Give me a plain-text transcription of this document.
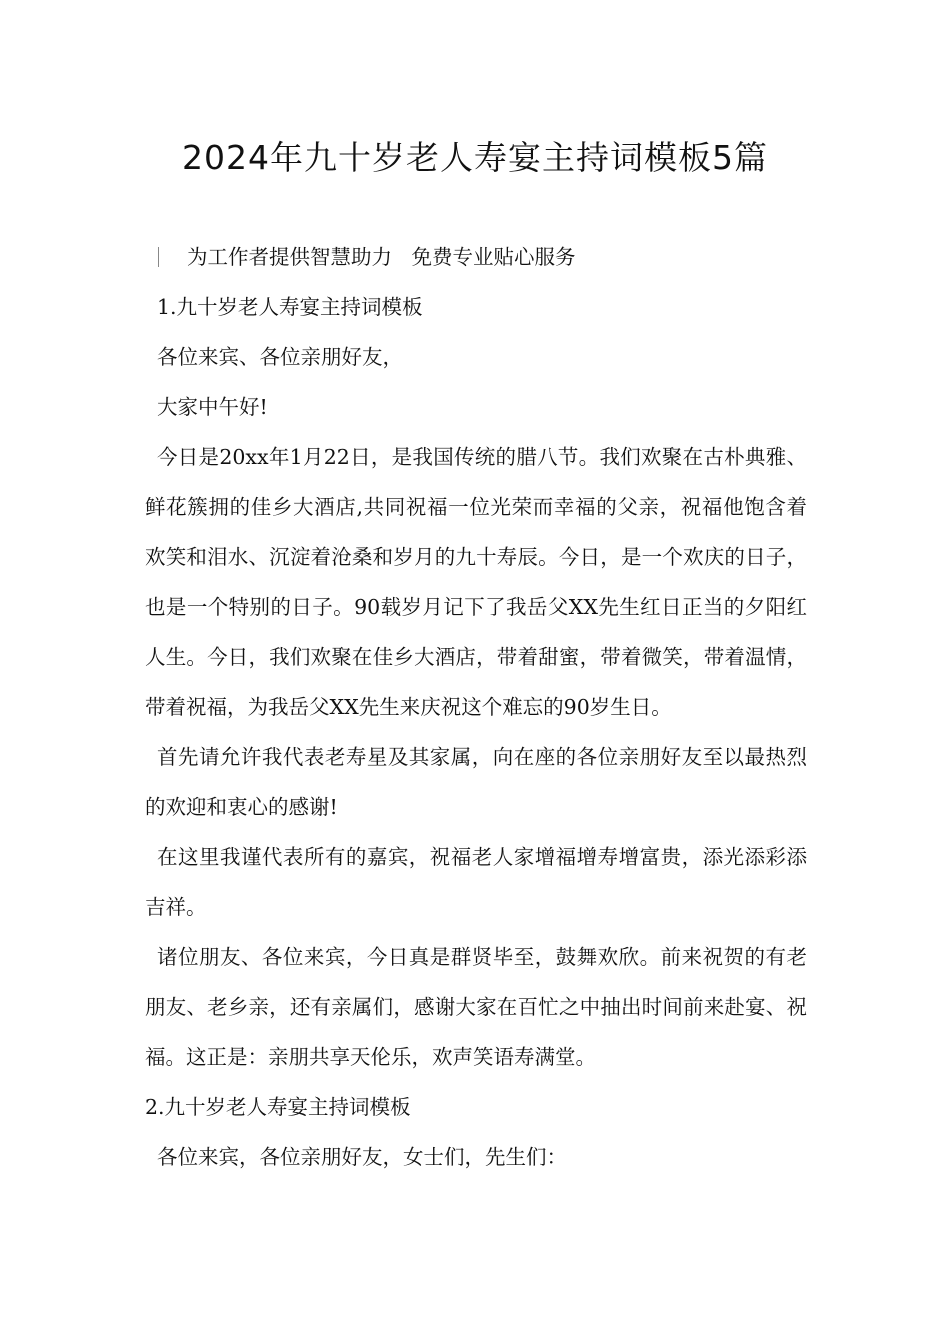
2024年九十岁老人寿宴主持词模板5篇

为工作者提供智慧助力   免费专业贴心服务

1.九十岁老人寿宴主持词模板

各位来宾、各位亲朋好友，

大家中午好!

今日是20xx年1月22日，是我国传统的腊八节。我们欢聚在古朴典雅、鲜花簇拥的佳乡大酒店,共同祝福一位光荣而幸福的父亲，祝福他饱含着欢笑和泪水、沉淀着沧桑和岁月的九十寿辰。今日，是一个欢庆的日子，也是一个特别的日子。90载岁月记下了我岳父XX先生红日正当的夕阳红人生。今日，我们欢聚在佳乡大酒店，带着甜蜜，带着微笑，带着温情，带着祝福，为我岳父XX先生来庆祝这个难忘的90岁生日。

首先请允许我代表老寿星及其家属，向在座的各位亲朋好友至以最热烈的欢迎和衷心的感谢!

在这里我谨代表所有的嘉宾，祝福老人家增福增寿增富贵，添光添彩添吉祥。

诸位朋友、各位来宾，今日真是群贤毕至，鼓舞欢欣。前来祝贺的有老朋友、老乡亲，还有亲属们，感谢大家在百忙之中抽出时间前来赴宴、祝福。这正是：亲朋共享天伦乐，欢声笑语寿满堂。

2.九十岁老人寿宴主持词模板

各位来宾，各位亲朋好友，女士们，先生们：
